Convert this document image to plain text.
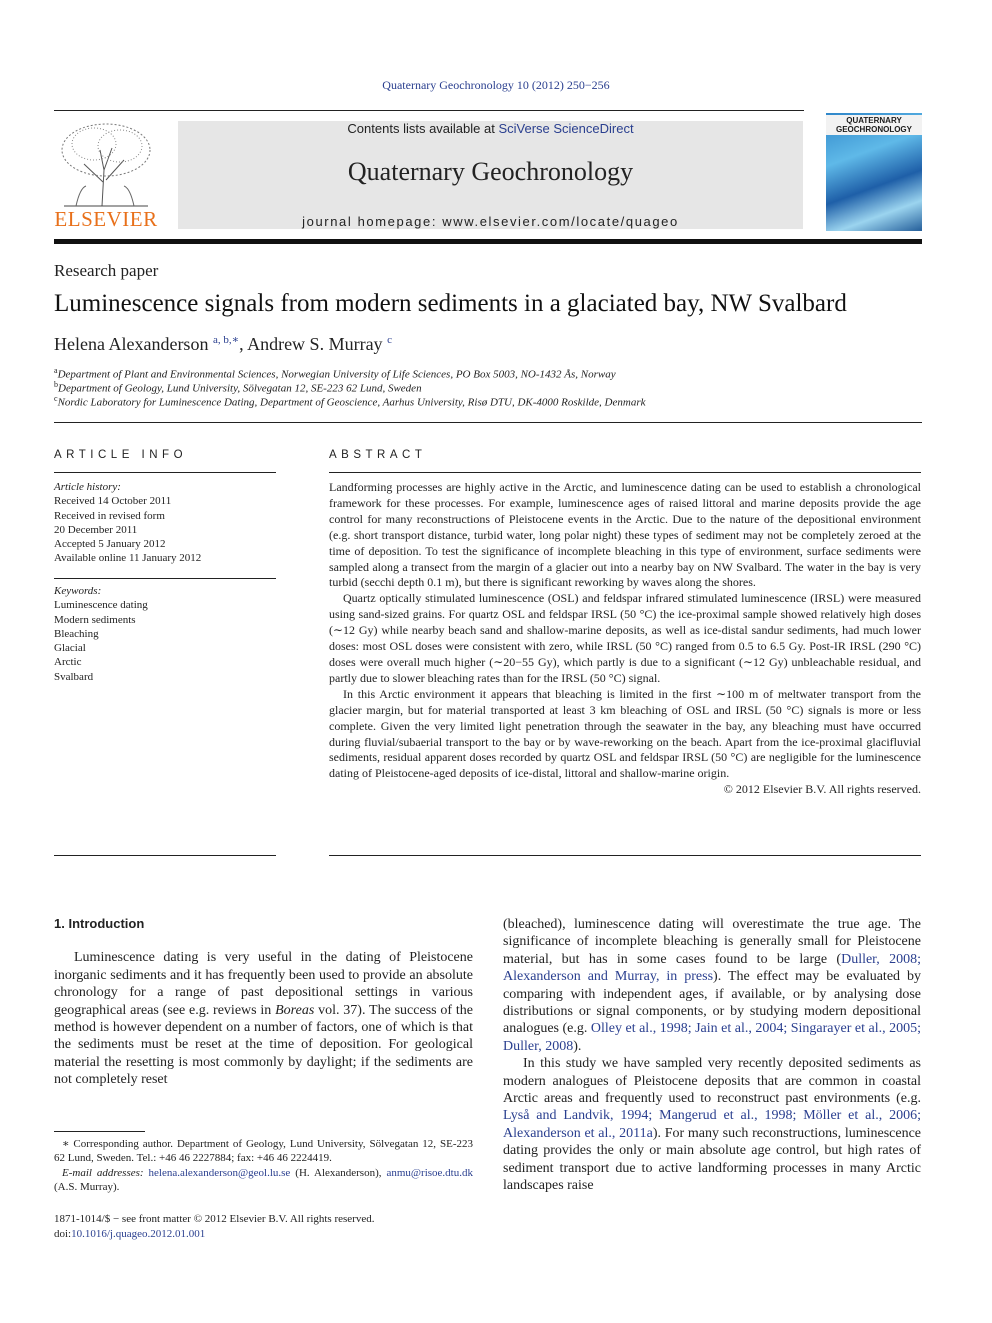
Quaternary Geochronology 10 (2012) 250−256
ELSEVIER
Contents lists available at SciVerse ScienceDirect
Quaternary Geochronology
journal homepage: www.elsevier.com/locate/quageo
QUATERNARY GEOCHRONOLOGY
Research paper
Luminescence signals from modern sediments in a glaciated bay, NW Svalbard
Helena Alexanderson $^{a, b,∗}$, Andrew S. Murray $^c$
$^a$Department of Plant and Environmental Sciences, Norwegian University of Life Sciences, PO Box 5003, NO-1432 Ås, Norway
$^b$Department of Geology, Lund University, Sölvegatan 12, SE-223 62 Lund, Sweden
$^c$Nordic Laboratory for Luminescence Dating, Department of Geoscience, Aarhus University, Risø DTU, DK-4000 Roskilde, Denmark
ARTICLE INFO
Article history:
Received 14 October 2011
Received in revised form
20 December 2011
Accepted 5 January 2012
Available online 11 January 2012
Keywords:
Luminescence dating
Modern sediments
Bleaching
Glacial
Arctic
Svalbard
ABSTRACT

Landforming processes are highly active in the Arctic, and luminescence dating can be used to establish a chronological framework for these processes. For example, luminescence ages of raised littoral and marine deposits provide the age control for many reconstructions of Pleistocene events in the Arctic. Due to the nature of the depositional environment (e.g. short transport distance, turbid water, long polar night) these types of sediment may not be completely zeroed at the time of deposition. To test the significance of incomplete bleaching in this type of environment, surface sediments were sampled along a transect from the margin of a glacier out into a nearby bay on NW Svalbard. The water in the bay is very turbid (secchi depth 0.1 m), but there is significant reworking by waves along the shores.

Quartz optically stimulated luminescence (OSL) and feldspar infrared stimulated luminescence (IRSL) were measured using sand-sized grains. For quartz OSL and feldspar IRSL (50 °C) the ice-proximal sample showed relatively high doses (∼12 Gy) while nearby beach sand and shallow-marine deposits, as well as ice-distal sandur sediments, had much lower doses: most OSL doses were consistent with zero, while IRSL (50 °C) ranged from 0.5 to 6.5 Gy. Post-IR IRSL (290 °C) doses were overall much higher (∼20−55 Gy), which partly is due to a significant (∼12 Gy) unbleachable residual, and partly due to slower bleaching rates than for the IRSL (50 °C) signal.

In this Arctic environment it appears that bleaching is limited in the first ∼100 m of meltwater transport from the glacier margin, but for material transported at least 3 km bleaching of OSL and IRSL (50 °C) signals is more or less complete. Given the very limited light penetration through the seawater in the bay, any bleaching must have occurred during fluvial/subaerial transport to the bay or by wave-reworking on the beach. Apart from the ice-proximal glacifluvial sediments, residual apparent doses recorded by quartz OSL and feldspar IRSL (50 °C) are negligible for the luminescence dating of Pleistocene-aged deposits of ice-distal, littoral and shallow-marine origin.

© 2012 Elsevier B.V. All rights reserved.
1. Introduction

Luminescence dating is very useful in the dating of Pleistocene inorganic sediments and it has frequently been used to provide an absolute chronology for a range of past depositional settings in various geographical areas (see e.g. reviews in Boreas vol. 37). The success of the method is however dependent on a number of factors, one of which is that the sediments must be reset at the time of deposition. For geological material the resetting is most commonly by daylight; if the sediments are not completely reset

∗ Corresponding author. Department of Geology, Lund University, Sölvegatan 12, SE-223 62 Lund, Sweden. Tel.: +46 46 2227884; fax: +46 46 2224419.

E-mail addresses: helena.alexanderson@geol.lu.se (H. Alexanderson), anmu@risoe.dtu.dk (A.S. Murray).

1871-1014/$ − see front matter © 2012 Elsevier B.V. All rights reserved.
doi:10.1016/j.quageo.2012.01.001

(bleached), luminescence dating will overestimate the true age. The significance of incomplete bleaching is generally small for Pleistocene material, but has in some cases found to be large (Duller, 2008; Alexanderson and Murray, in press). The effect may be evaluated by comparing with independent ages, if available, or by analysing dose distributions or signal components, or by studying modern depositional analogues (e.g. Olley et al., 1998; Jain et al., 2004; Singarayer et al., 2005; Duller, 2008).

In this study we have sampled very recently deposited sediments as modern analogues of Pleistocene deposits that are common in coastal Arctic areas and frequently used to reconstruct past environments (e.g. Lyså and Landvik, 1994; Mangerud et al., 1998; Möller et al., 2006; Alexanderson et al., 2011a). For many such reconstructions, luminescence dating provides the only or main absolute age control, but high rates of sediment transport due to active landforming processes in many Arctic landscapes raise
